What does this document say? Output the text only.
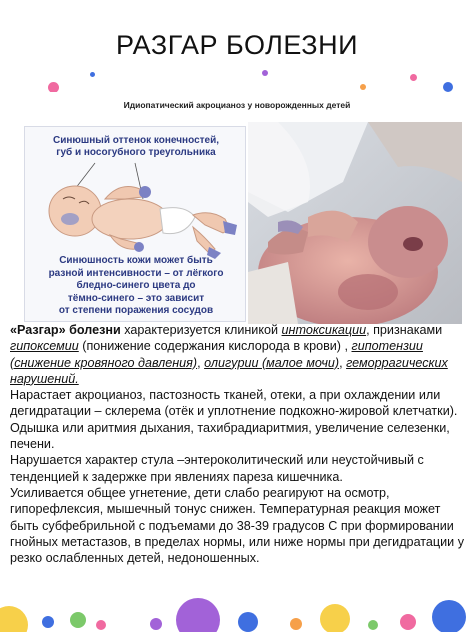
РАЗГАР БОЛЕЗНИ
Идиопатический акроцианоз у новорожденных детей
Синюшный оттенок конечностей,
губ и носогубного треугольника
Синюшность кожи может быть
разной интенсивности – от лёгкого
бледно-синего цвета до
тёмно-синего – это зависит
от степени поражения сосудов

«Разгар» болезни характеризуется клиникой интоксикации, признаками гипоксемии (понижение содержания кислорода в крови) , гипотензии (снижение кровяного давления), олигурии (малое мочи), геморрагических нарушений.

Нарастает акроцианоз, пастозность тканей, отеки, а при охлаждении или дегидратации – склерема (отёк и уплотнение подкожно-жировой клетчатки).

Одышка или аритмия дыхания, тахибрадиаритмия, увеличение селезенки, печени.

Нарушается характер стула –энтероколитический или неустойчивый с тенденцией к задержке при явлениях пареза кишечника.

Усиливается общее угнетение, дети слабо реагируют на осмотр, гипорефлексия, мышечный тонус снижен. Температурная реакция может быть субфебрильной с подъемами до 38-39 градусов С при формировании гнойных метастазов, в пределах нормы, или ниже нормы при дегидратации у резко ослабленных детей, недоношенных.
